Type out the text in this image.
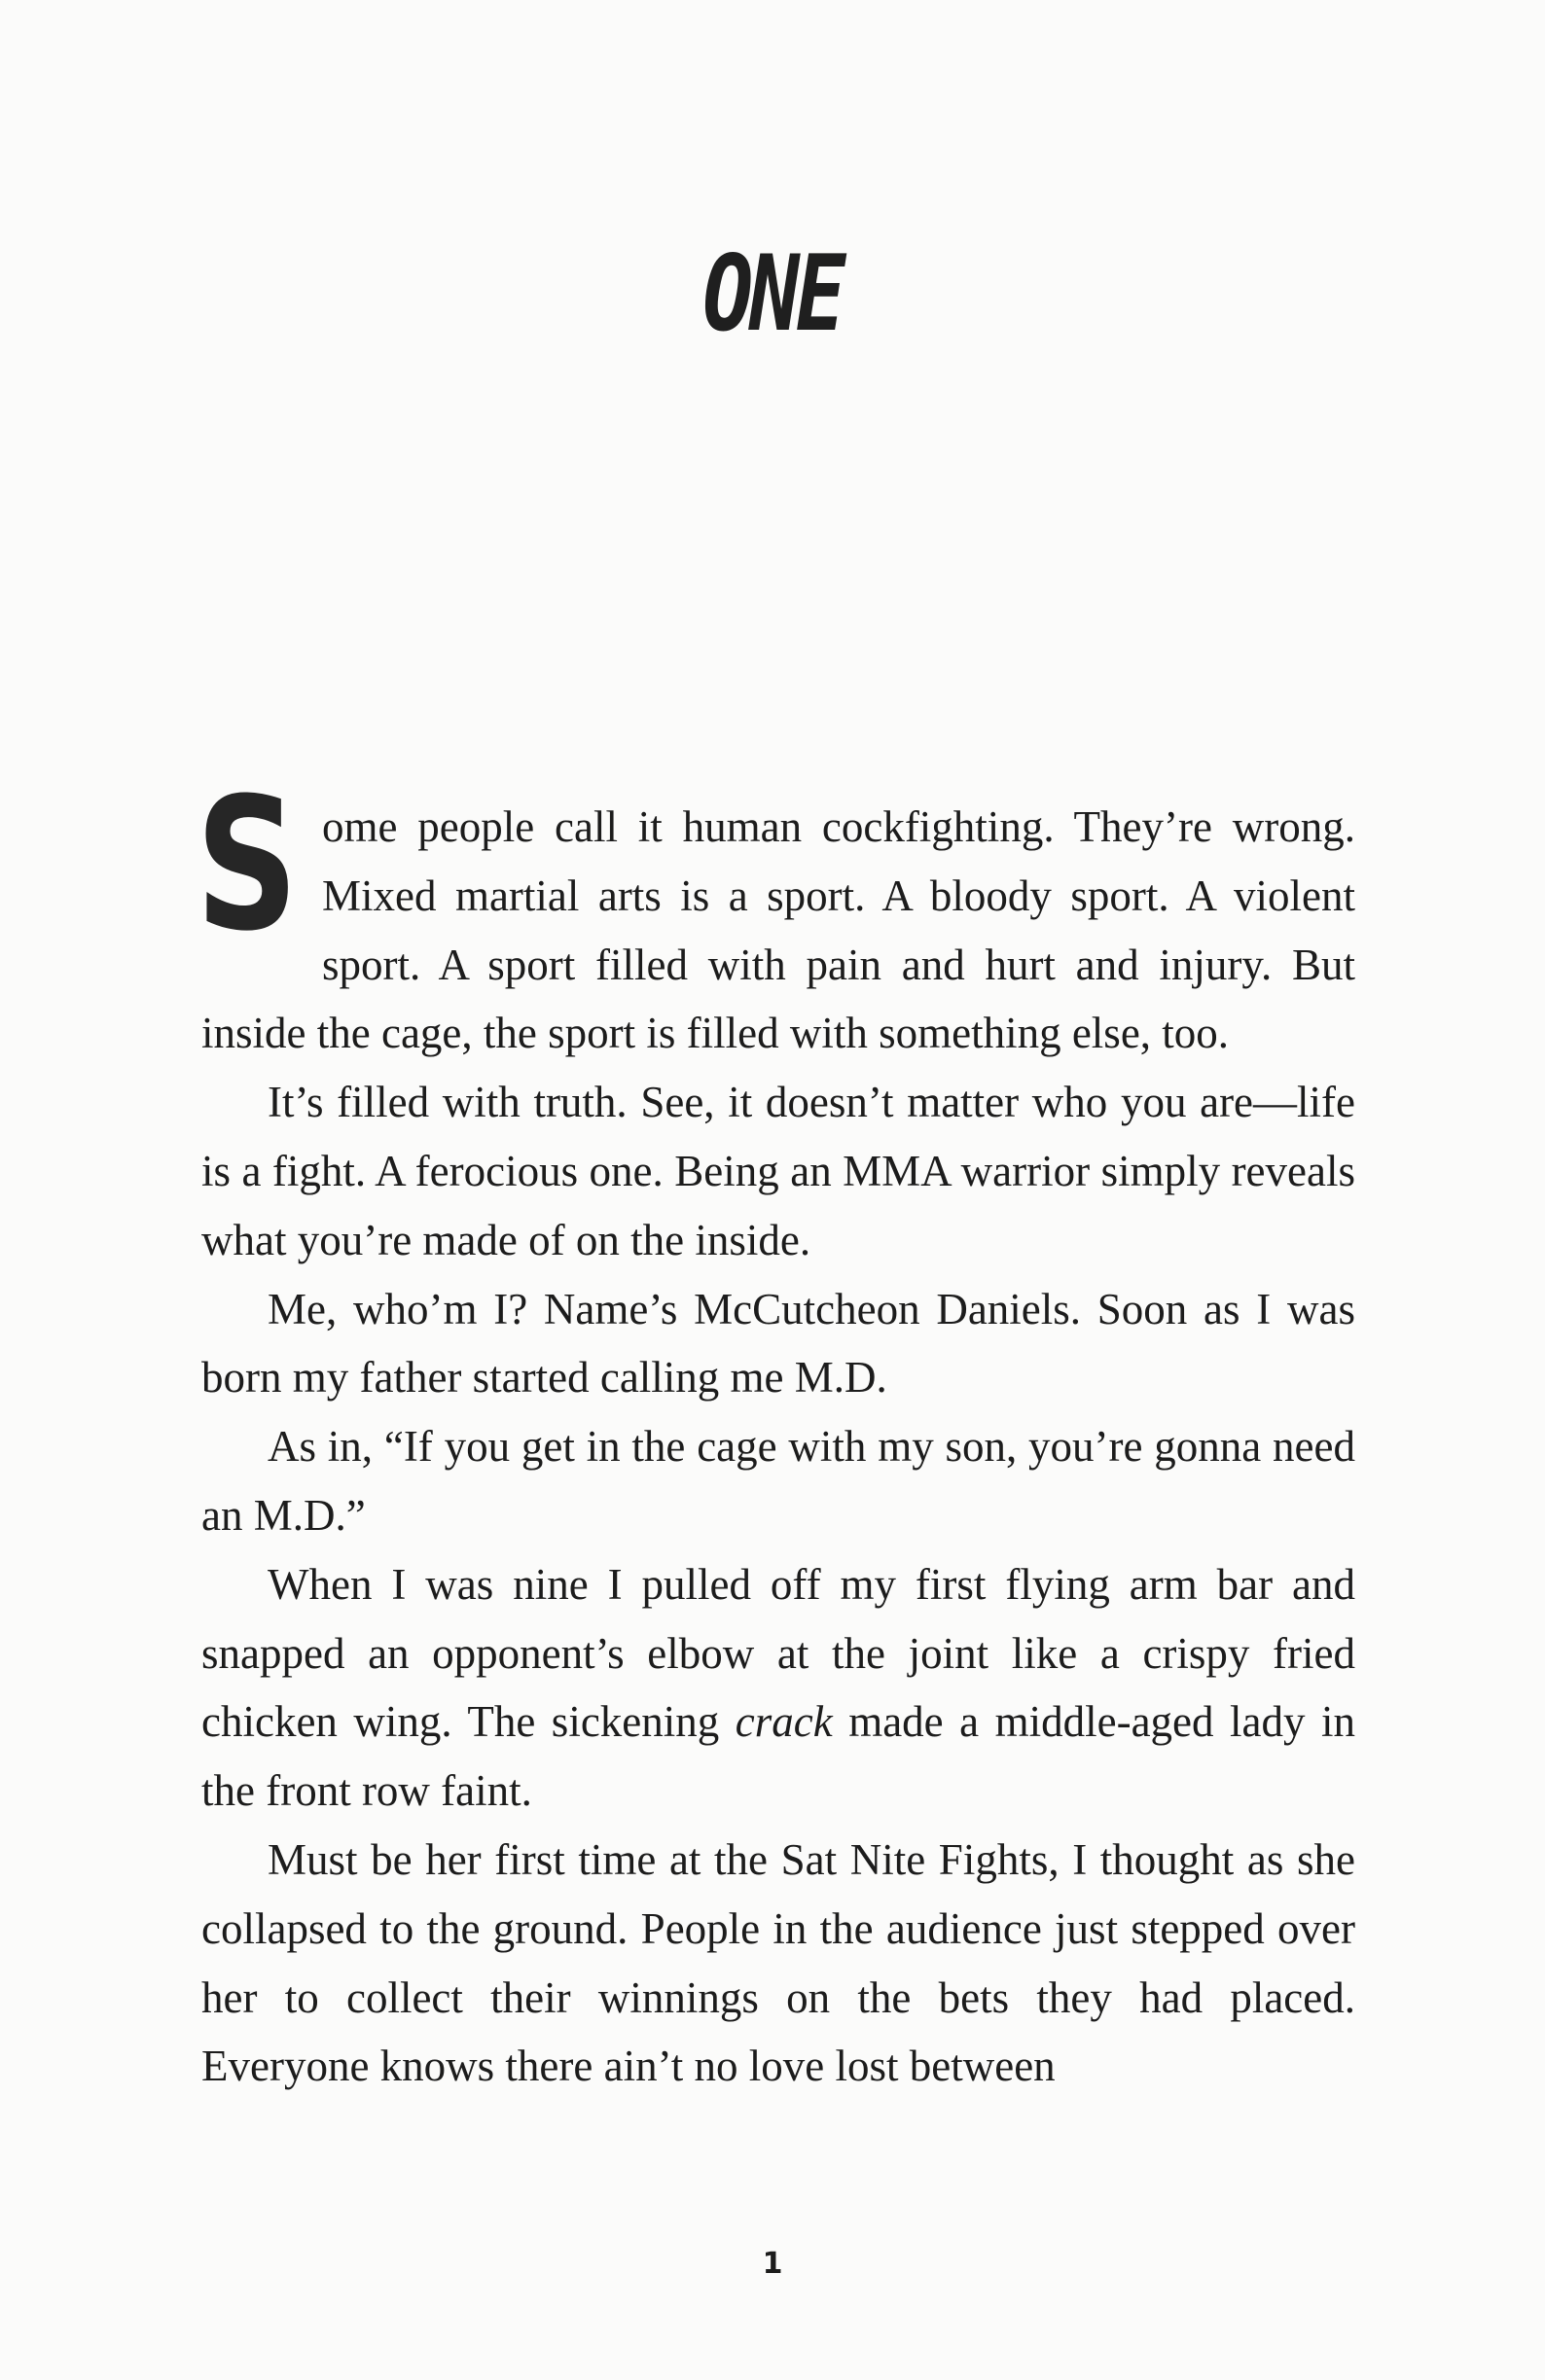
ONE

Some people call it human cockfighting. They’re wrong. Mixed martial arts is a sport. A bloody sport. A violent sport. A sport filled with pain and hurt and injury. But inside the cage, the sport is filled with something else, too.

It’s filled with truth. See, it doesn’t matter who you are—life is a fight. A ferocious one. Being an MMA warrior simply reveals what you’re made of on the inside.

Me, who’m I? Name’s McCutcheon Daniels. Soon as I was born my father started calling me M.D.

As in, “If you get in the cage with my son, you’re gonna need an M.D.”

When I was nine I pulled off my first flying arm bar and snapped an opponent’s elbow at the joint like a crispy fried chicken wing. The sickening crack made a middle-aged lady in the front row faint.

Must be her first time at the Sat Nite Fights, I thought as she collapsed to the ground. People in the audience just stepped over her to collect their winnings on the bets they had placed. Everyone knows there ain’t no love lost between

1
